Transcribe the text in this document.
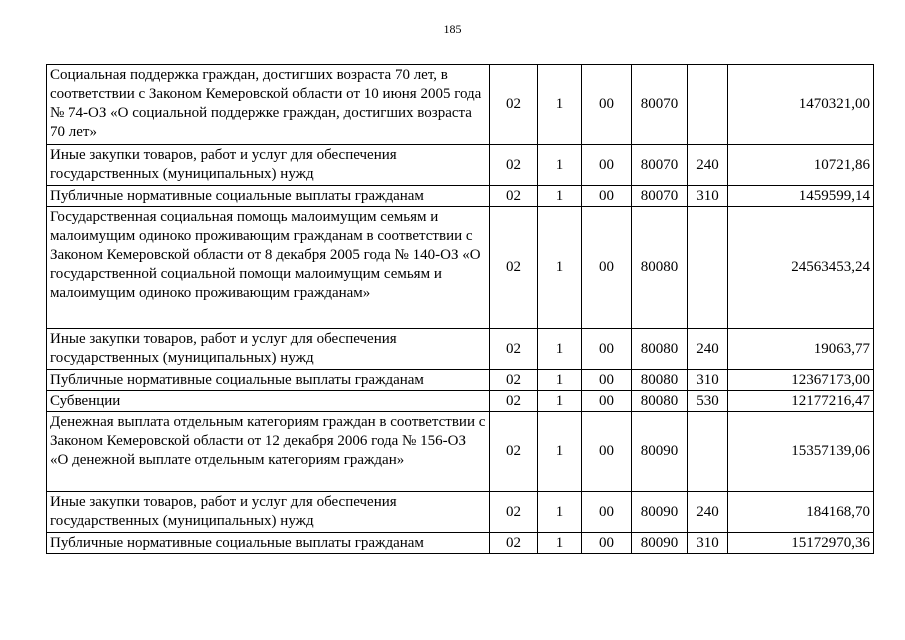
185
Социальная поддержка граждан, достигших возраста 70 лет, в соответствии с Законом Кемеровской области от 10 июня 2005 года № 74-ОЗ «О социальной поддержке граждан, достигших возраста 70 лет»	02	1	00	80070		1470321,00
Иные закупки товаров, работ и услуг для обеспечения государственных (муниципальных) нужд	02	1	00	80070	240	10721,86
Публичные нормативные социальные выплаты гражданам	02	1	00	80070	310	1459599,14
Государственная социальная помощь малоимущим семьям и малоимущим одиноко проживающим гражданам в соответствии с Законом Кемеровской области от 8 декабря 2005 года № 140-ОЗ «О государственной социальной помощи малоимущим семьям и малоимущим одиноко проживающим гражданам»	02	1	00	80080		24563453,24
Иные закупки товаров, работ и услуг для обеспечения государственных (муниципальных) нужд	02	1	00	80080	240	19063,77
Публичные нормативные социальные выплаты гражданам	02	1	00	80080	310	12367173,00
Субвенции	02	1	00	80080	530	12177216,47
Денежная выплата отдельным категориям граждан в соответствии с Законом Кемеровской области от 12 декабря 2006 года № 156-ОЗ «О денежной выплате отдельным категориям граждан»	02	1	00	80090		15357139,06
Иные закупки товаров, работ и услуг для обеспечения государственных (муниципальных) нужд	02	1	00	80090	240	184168,70
Публичные нормативные социальные выплаты гражданам	02	1	00	80090	310	15172970,36
